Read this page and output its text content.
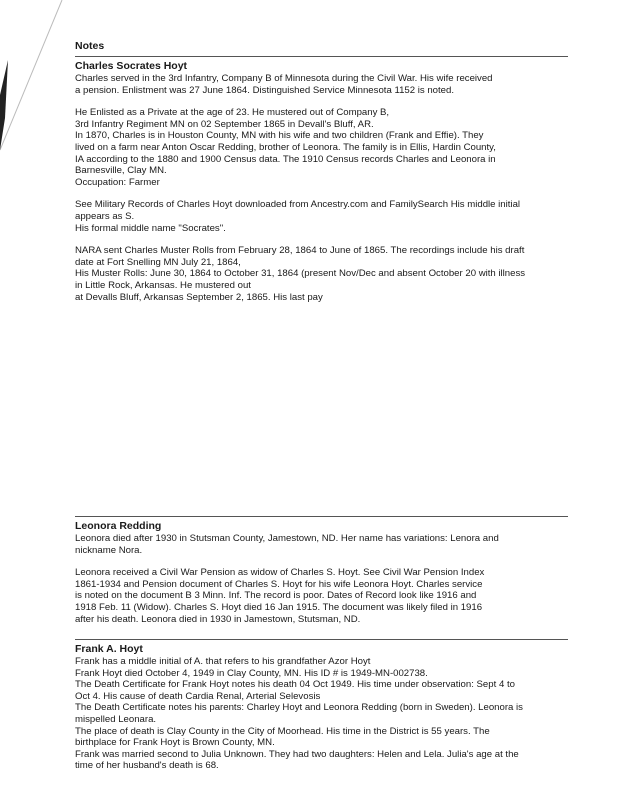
Notes
Charles Socrates Hoyt

Charles served in the 3rd Infantry, Company B of Minnesota during the Civil War. His wife received
a pension. Enlistment was 27 June 1864. Distinguished Service Minnesota 1152 is noted.

He Enlisted as a Private at the age of 23. He mustered out of Company B,
3rd Infantry Regiment MN on 02 September 1865 in Devall's Bluff, AR.
In 1870, Charles is in Houston County, MN with his wife and two children (Frank and Effie). They
lived on a farm near Anton Oscar Redding, brother of Leonora. The family is in Ellis, Hardin County,
IA according to the 1880 and 1900 Census data. The 1910 Census records Charles and Leonora in
Barnesville, Clay MN.
Occupation: Farmer

See Military Records of Charles Hoyt downloaded from Ancestry.com and FamilySearch His middle initial
appears as S.
His formal middle name "Socrates".

NARA sent Charles Muster Rolls from February 28, 1864 to June of 1865. The recordings include his draft
date at Fort Snelling MN July 21, 1864,
His Muster Rolls: June 30, 1864 to October 31, 1864 (present Nov/Dec and absent October 20 with illness
in Little Rock, Arkansas. He mustered out
at Devalls Bluff, Arkansas September 2, 1865. His last pay

Leonora Redding

Leonora died after 1930 in Stutsman County, Jamestown, ND. Her name has variations: Lenora and
nickname Nora.

Leonora received a Civil War Pension as widow of Charles S. Hoyt. See Civil War Pension Index
1861-1934 and Pension document of Charles S. Hoyt for his wife Leonora Hoyt. Charles service
is noted on the document B 3 Minn. Inf. The record is poor. Dates of Record look like 1916 and
1918 Feb. 11 (Widow). Charles S. Hoyt died 16 Jan 1915. The document was likely filed in 1916
after his death. Leonora died in 1930 in Jamestown, Stutsman, ND.

Frank A. Hoyt

Frank has a middle initial of A. that refers to his grandfather Azor Hoyt
Frank Hoyt died October 4, 1949 in Clay County, MN. His ID # is 1949-MN-002738.
The Death Certificate for Frank Hoyt notes his death 04 Oct 1949. His time under observation: Sept 4 to
Oct 4. His cause of death Cardia Renal, Arterial Selevosis
The Death Certificate notes his parents: Charley Hoyt and Leonora Redding (born in Sweden). Leonora is
mispelled Leonara.
The place of death is Clay County in the City of Moorhead. His time in the District is 55 years. The
birthplace for Frank Hoyt is Brown County, MN.
Frank was married second to Julia Unknown. They had two daughters: Helen and Lela. Julia's age at the
time of her husband's death is 68.
